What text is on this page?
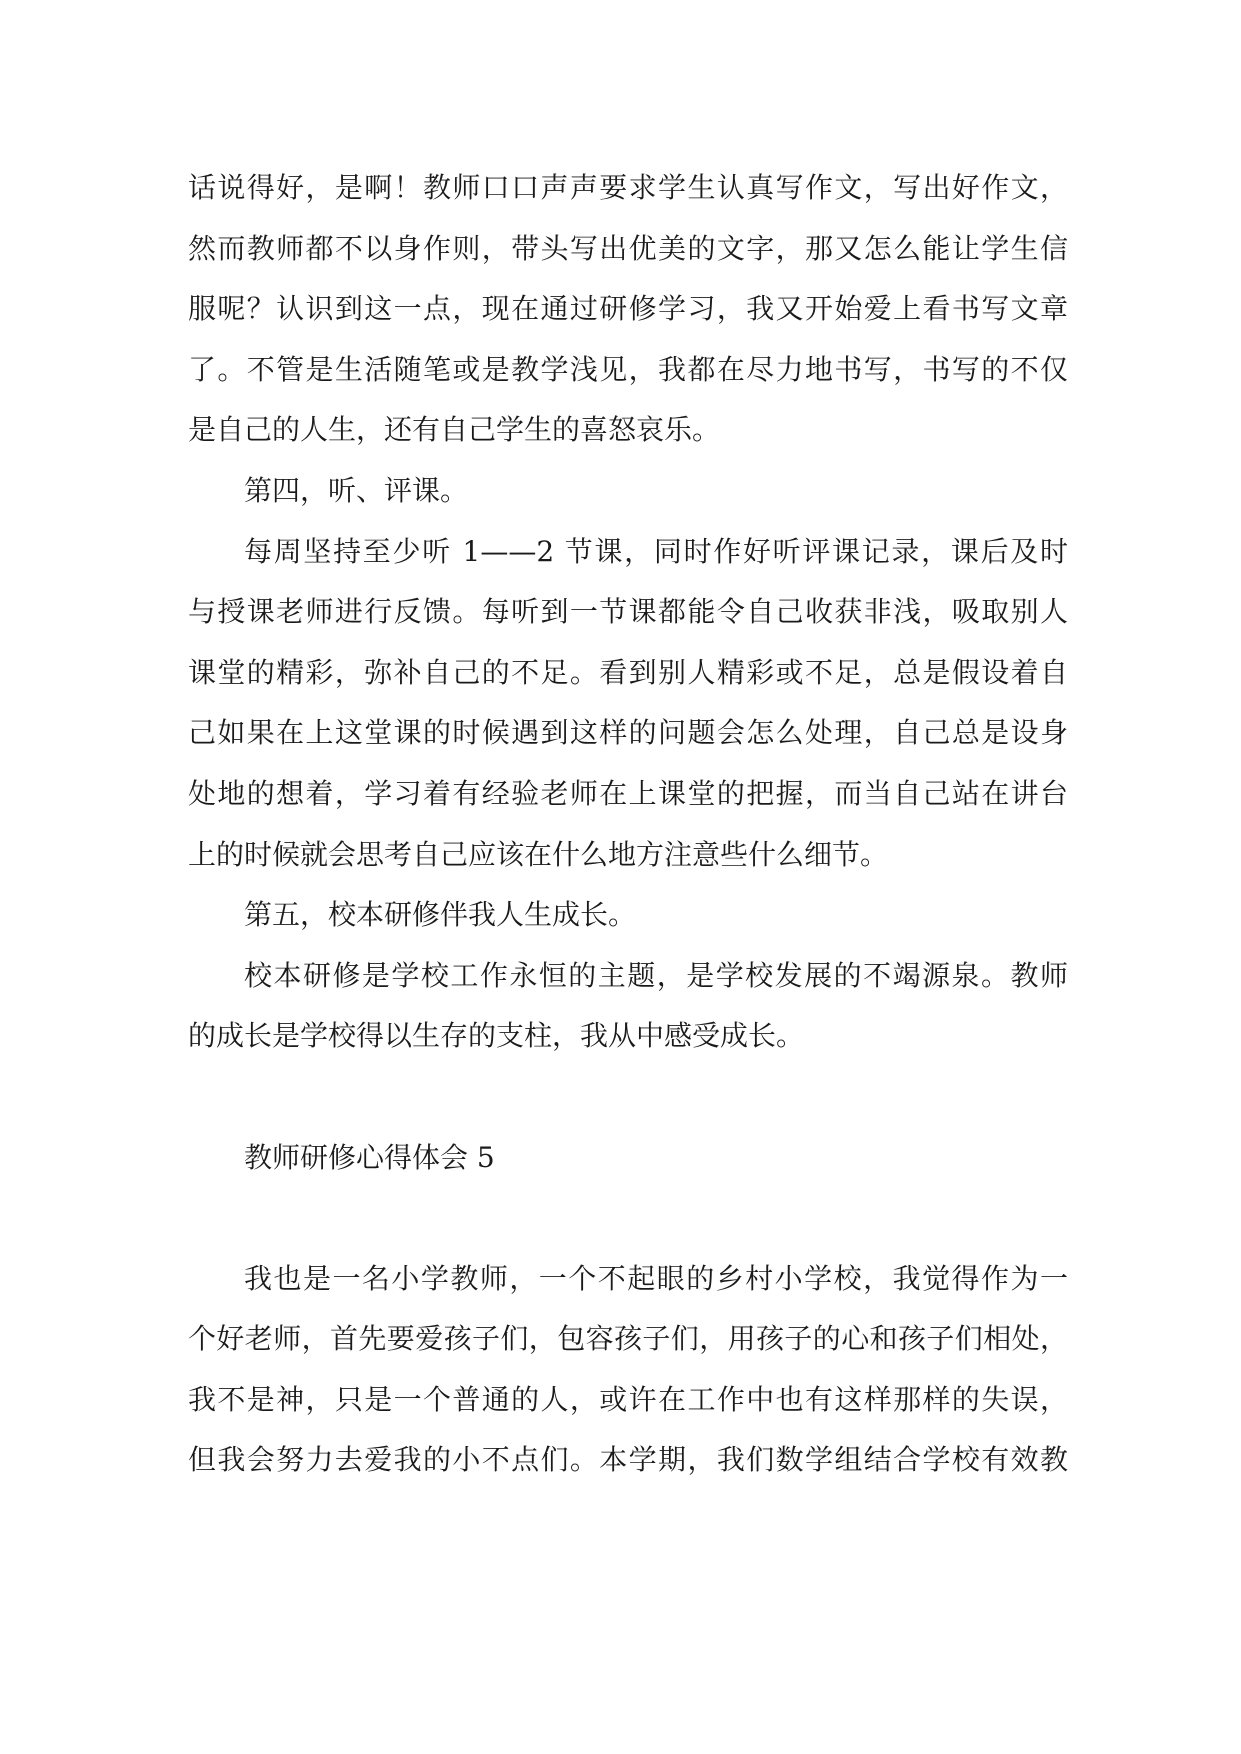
话说得好，是啊！教师口口声声要求学生认真写作文，写出好作文，
然而教师都不以身作则，带头写出优美的文字，那又怎么能让学生信
服呢？认识到这一点，现在通过研修学习，我又开始爱上看书写文章
了。不管是生活随笔或是教学浅见，我都在尽力地书写，书写的不仅
是自己的人生，还有自己学生的喜怒哀乐。
第四，听、评课。
每周坚持至少听 1——2 节课，同时作好听评课记录，课后及时
与授课老师进行反馈。每听到一节课都能令自己收获非浅，吸取别人
课堂的精彩，弥补自己的不足。看到别人精彩或不足，总是假设着自
己如果在上这堂课的时候遇到这样的问题会怎么处理，自己总是设身
处地的想着，学习着有经验老师在上课堂的把握，而当自己站在讲台
上的时候就会思考自己应该在什么地方注意些什么细节。
第五，校本研修伴我人生成长。
校本研修是学校工作永恒的主题，是学校发展的不竭源泉。教师
的成长是学校得以生存的支柱，我从中感受成长。
教师研修心得体会 5
我也是一名小学教师，一个不起眼的乡村小学校，我觉得作为一
个好老师，首先要爱孩子们，包容孩子们，用孩子的心和孩子们相处，
我不是神，只是一个普通的人，或许在工作中也有这样那样的失误，
但我会努力去爱我的小不点们。本学期，我们数学组结合学校有效教
